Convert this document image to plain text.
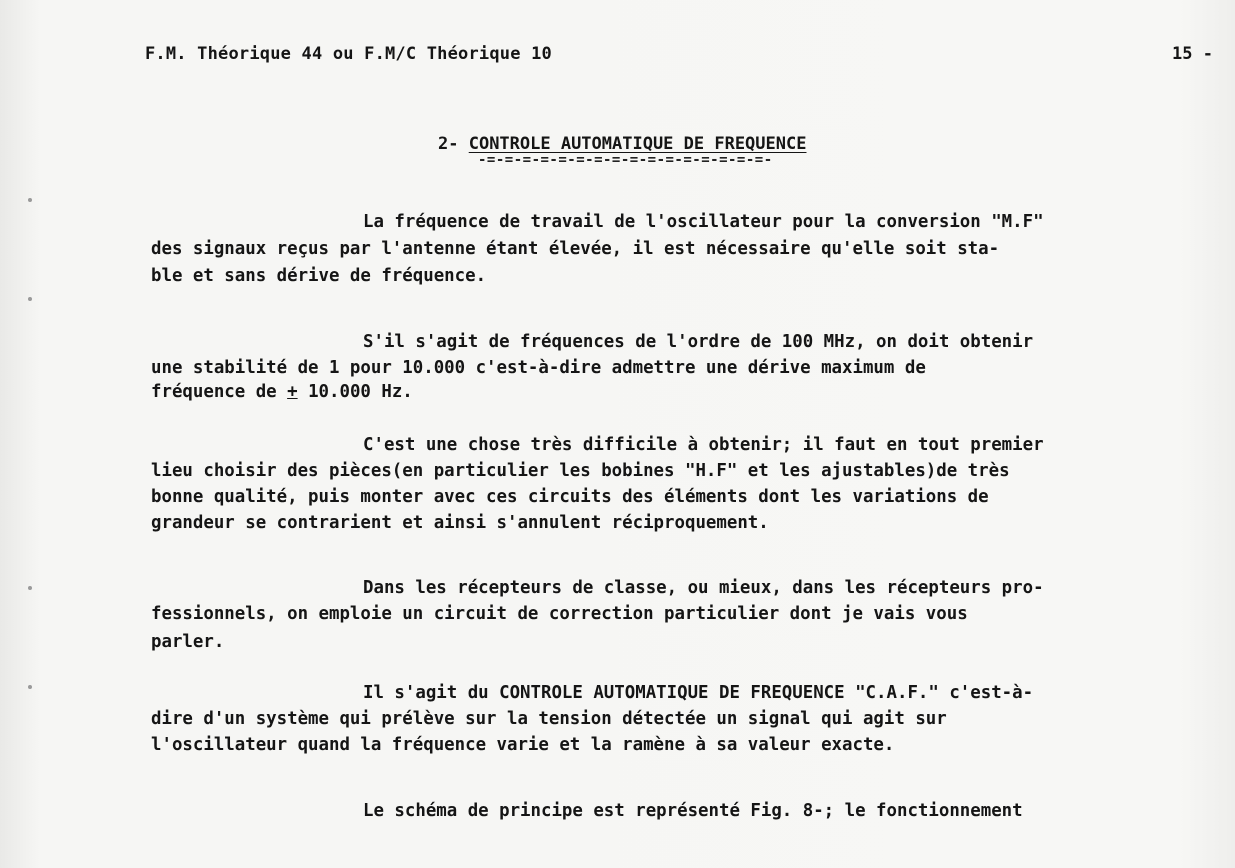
F.M. Théorique 44 ou F.M/C Théorique 10	15 -
2- CONTROLE AUTOMATIQUE DE FREQUENCE
-=-=-=-=-=-=-=-=-=-=-=-=-=-=-=-=-
La fréquence de travail de l'oscillateur pour la conversion "M.F"
des signaux reçus par l'antenne étant élevée, il est nécessaire qu'elle soit sta-
ble et sans dérive de fréquence.
S'il s'agit de fréquences de l'ordre de 100 MHz, on doit obtenir
une stabilité de 1 pour 10.000 c'est-à-dire admettre une dérive maximum de
fréquence de + 10.000 Hz.
C'est une chose très difficile à obtenir; il faut en tout premier
lieu choisir des pièces(en particulier les bobines "H.F" et les ajustables)de très
bonne qualité, puis monter avec ces circuits des éléments dont les variations de
grandeur se contrarient et ainsi s'annulent réciproquement.
Dans les récepteurs de classe, ou mieux, dans les récepteurs pro-
fessionnels, on emploie un circuit de correction particulier dont je vais vous
parler.
Il s'agit du CONTROLE AUTOMATIQUE DE FREQUENCE "C.A.F." c'est-à-
dire d'un système qui prélève sur la tension détectée un signal qui agit sur
l'oscillateur quand la fréquence varie et la ramène à sa valeur exacte.
Le schéma de principe est représenté Fig. 8-; le fonctionnement
